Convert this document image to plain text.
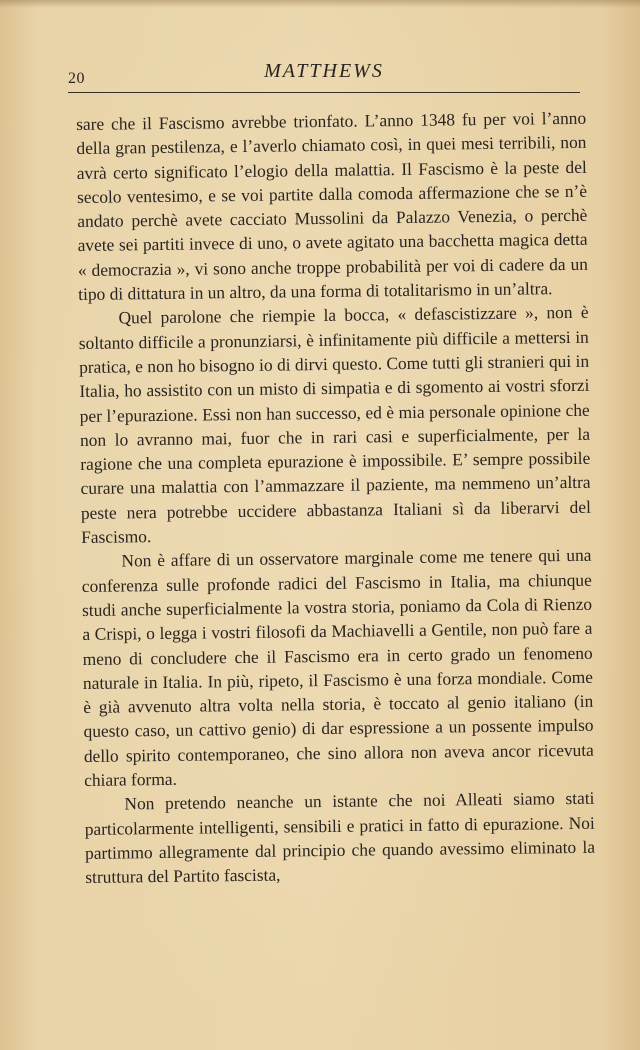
20	MATTHEWS

sare che il Fascismo avrebbe trionfato. L’anno 1348 fu per voi l’anno della gran pestilenza, e l’averlo chiamato così, in quei mesi terribili, non avrà certo significato l’elogio della malattia. Il Fascismo è la peste del secolo ventesimo, e se voi partite dalla comoda affermazione che se n’è andato perchè avete cacciato Mussolini da Palazzo Venezia, o perchè avete sei partiti invece di uno, o avete agitato una bacchetta magica detta « democrazia », vi sono anche troppe probabilità per voi di cadere da un tipo di dittatura in un altro, da una forma di totalitarismo in un’altra.

Quel parolone che riempie la bocca, « defascistizzare », non è soltanto difficile a pronunziarsi, è infinitamente più difficile a mettersi in pratica, e non ho bisogno io di dirvi questo. Come tutti gli stranieri qui in Italia, ho assistito con un misto di simpatia e di sgomento ai vostri sforzi per l’epurazione. Essi non han successo, ed è mia personale opinione che non lo avranno mai, fuor che in rari casi e superficialmente, per la ragione che una completa epurazione è impossibile. E’ sempre possibile curare una malattia con l’ammazzare il paziente, ma nemmeno un’altra peste nera potrebbe uccidere abbastanza Italiani sì da liberarvi del Fascismo.

Non è affare di un osservatore marginale come me tenere qui una conferenza sulle profonde radici del Fascismo in Italia, ma chiunque studi anche superficialmente la vostra storia, poniamo da Cola di Rienzo a Crispi, o legga i vostri filosofi da Machiavelli a Gentile, non può fare a meno di concludere che il Fascismo era in certo grado un fenomeno naturale in Italia. In più, ripeto, il Fascismo è una forza mondiale. Come è già avvenuto altra volta nella storia, è toccato al genio italiano (in questo caso, un cattivo genio) di dar espressione a un possente impulso dello spirito contemporaneo, che sino allora non aveva ancor ricevuta chiara forma.

Non pretendo neanche un istante che noi Alleati siamo stati particolarmente intelligenti, sensibili e pratici in fatto di epurazione. Noi partimmo allegramente dal principio che quando avessimo eliminato la struttura del Partito fascista,
